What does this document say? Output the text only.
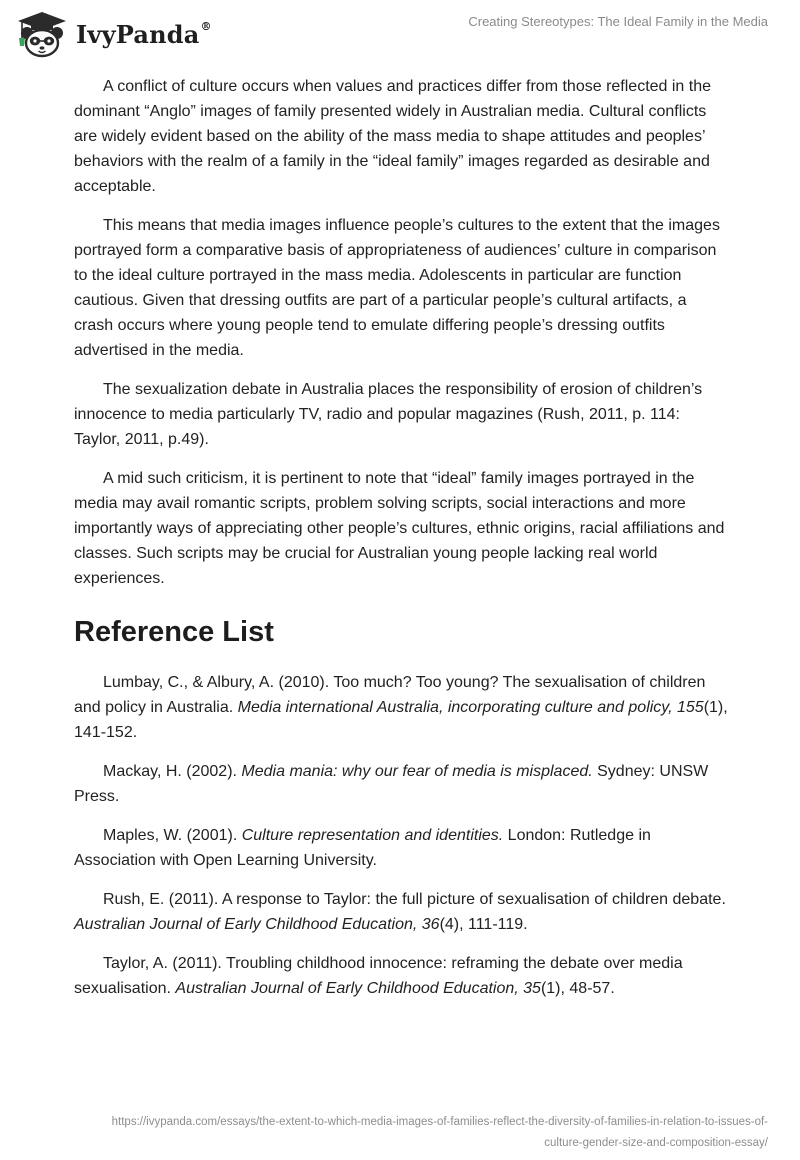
IvyPanda®	Creating Stereotypes: The Ideal Family in the Media

A conflict of culture occurs when values and practices differ from those reflected in the dominant “Anglo” images of family presented widely in Australian media. Cultural conflicts are widely evident based on the ability of the mass media to shape attitudes and peoples’ behaviors with the realm of a family in the “ideal family” images regarded as desirable and acceptable.

This means that media images influence people’s cultures to the extent that the images portrayed form a comparative basis of appropriateness of audiences’ culture in comparison to the ideal culture portrayed in the mass media. Adolescents in particular are function cautious. Given that dressing outfits are part of a particular people’s cultural artifacts, a crash occurs where young people tend to emulate differing people’s dressing outfits advertised in the media.

The sexualization debate in Australia places the responsibility of erosion of children’s innocence to media particularly TV, radio and popular magazines (Rush, 2011, p. 114: Taylor, 2011, p.49).

A mid such criticism, it is pertinent to note that “ideal” family images portrayed in the media may avail romantic scripts, problem solving scripts, social interactions and more importantly ways of appreciating other people’s cultures, ethnic origins, racial affiliations and classes. Such scripts may be crucial for Australian young people lacking real world experiences.

Reference List

Lumbay, C., & Albury, A. (2010). Too much? Too young? The sexualisation of children and policy in Australia. Media international Australia, incorporating culture and policy, 155(1), 141-152.

Mackay, H. (2002). Media mania: why our fear of media is misplaced. Sydney: UNSW Press.

Maples, W. (2001). Culture representation and identities. London: Rutledge in Association with Open Learning University.

Rush, E. (2011). A response to Taylor: the full picture of sexualisation of children debate. Australian Journal of Early Childhood Education, 36(4), 111-119.

Taylor, A. (2011). Troubling childhood innocence: reframing the debate over media sexualisation. Australian Journal of Early Childhood Education, 35(1), 48-57.

https://ivypanda.com/essays/the-extent-to-which-media-images-of-families-reflect-the-diversity-of-families-in-relation-to-issues-of-
culture-gender-size-and-composition-essay/
